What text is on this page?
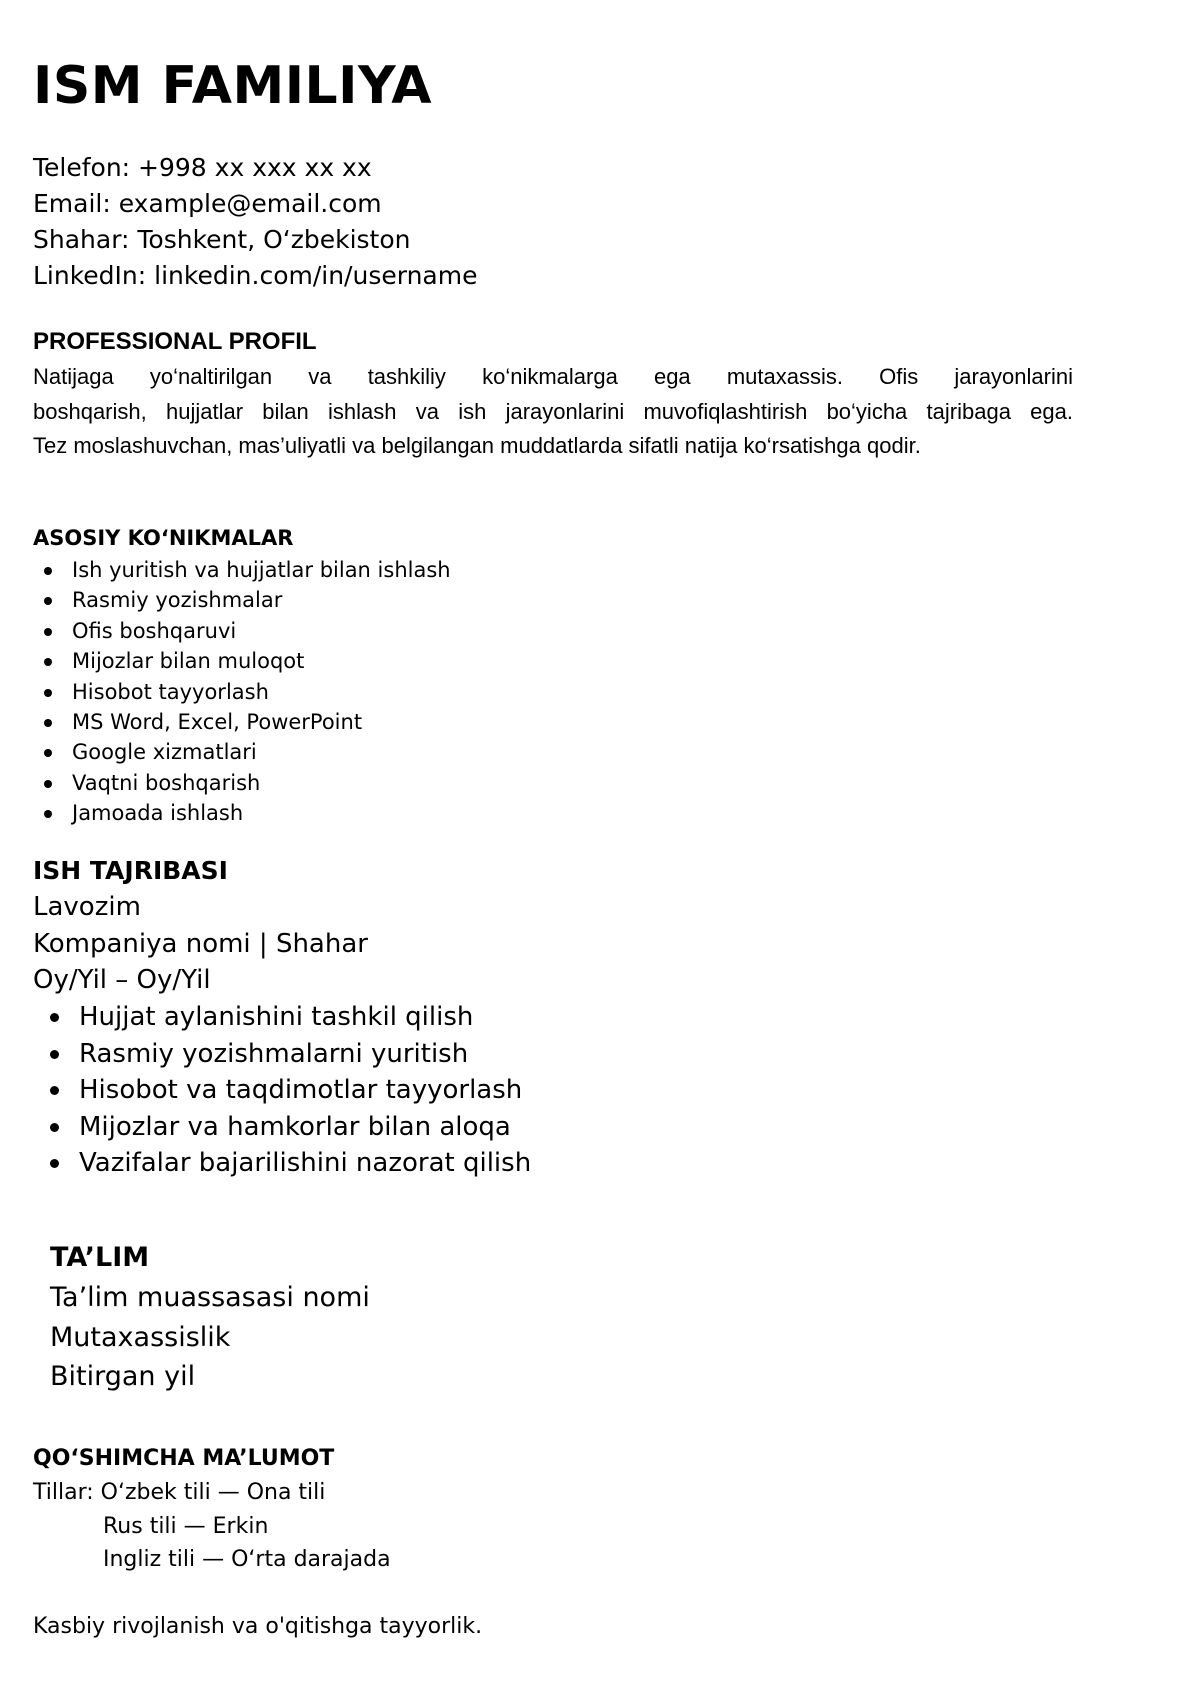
ISM FAMILIYA
Telefon: +998 xx xxx xx xx
Email: example@email.com
Shahar: Toshkent, O‘zbekiston
LinkedIn: linkedin.com/in/username
PROFESSIONAL PROFIL

Natijaga yo‘naltirilgan va tashkiliy ko‘nikmalarga ega mutaxassis. Ofis jarayonlarini
boshqarish, hujjatlar bilan ishlash va ish jarayonlarini muvofiqlashtirish bo‘yicha tajribaga ega.
Tez moslashuvchan, mas’uliyatli va belgilangan muddatlarda sifatli natija ko‘rsatishga qodir.

ASOSIY KO‘NIKMALAR
Ish yuritish va hujjatlar bilan ishlash
Rasmiy yozishmalar
Ofis boshqaruvi
Mijozlar bilan muloqot
Hisobot tayyorlash
MS Word, Excel, PowerPoint
Google xizmatlari
Vaqtni boshqarish
Jamoada ishlash
ISH TAJRIBASI
Lavozim
Kompaniya nomi | Shahar
Oy/Yil – Oy/Yil
Hujjat aylanishini tashkil qilish
Rasmiy yozishmalarni yuritish
Hisobot va taqdimotlar tayyorlash
Mijozlar va hamkorlar bilan aloqa
Vazifalar bajarilishini nazorat qilish
TA’LIM
Ta’lim muassasasi nomi
Mutaxassislik
Bitirgan yil
QO‘SHIMCHA MA’LUMOT
Tillar: O‘zbek tili — Ona tili
Rus tili — Erkin
Ingliz tili — O‘rta darajada
Kasbiy rivojlanish va o'qitishga tayyorlik.
